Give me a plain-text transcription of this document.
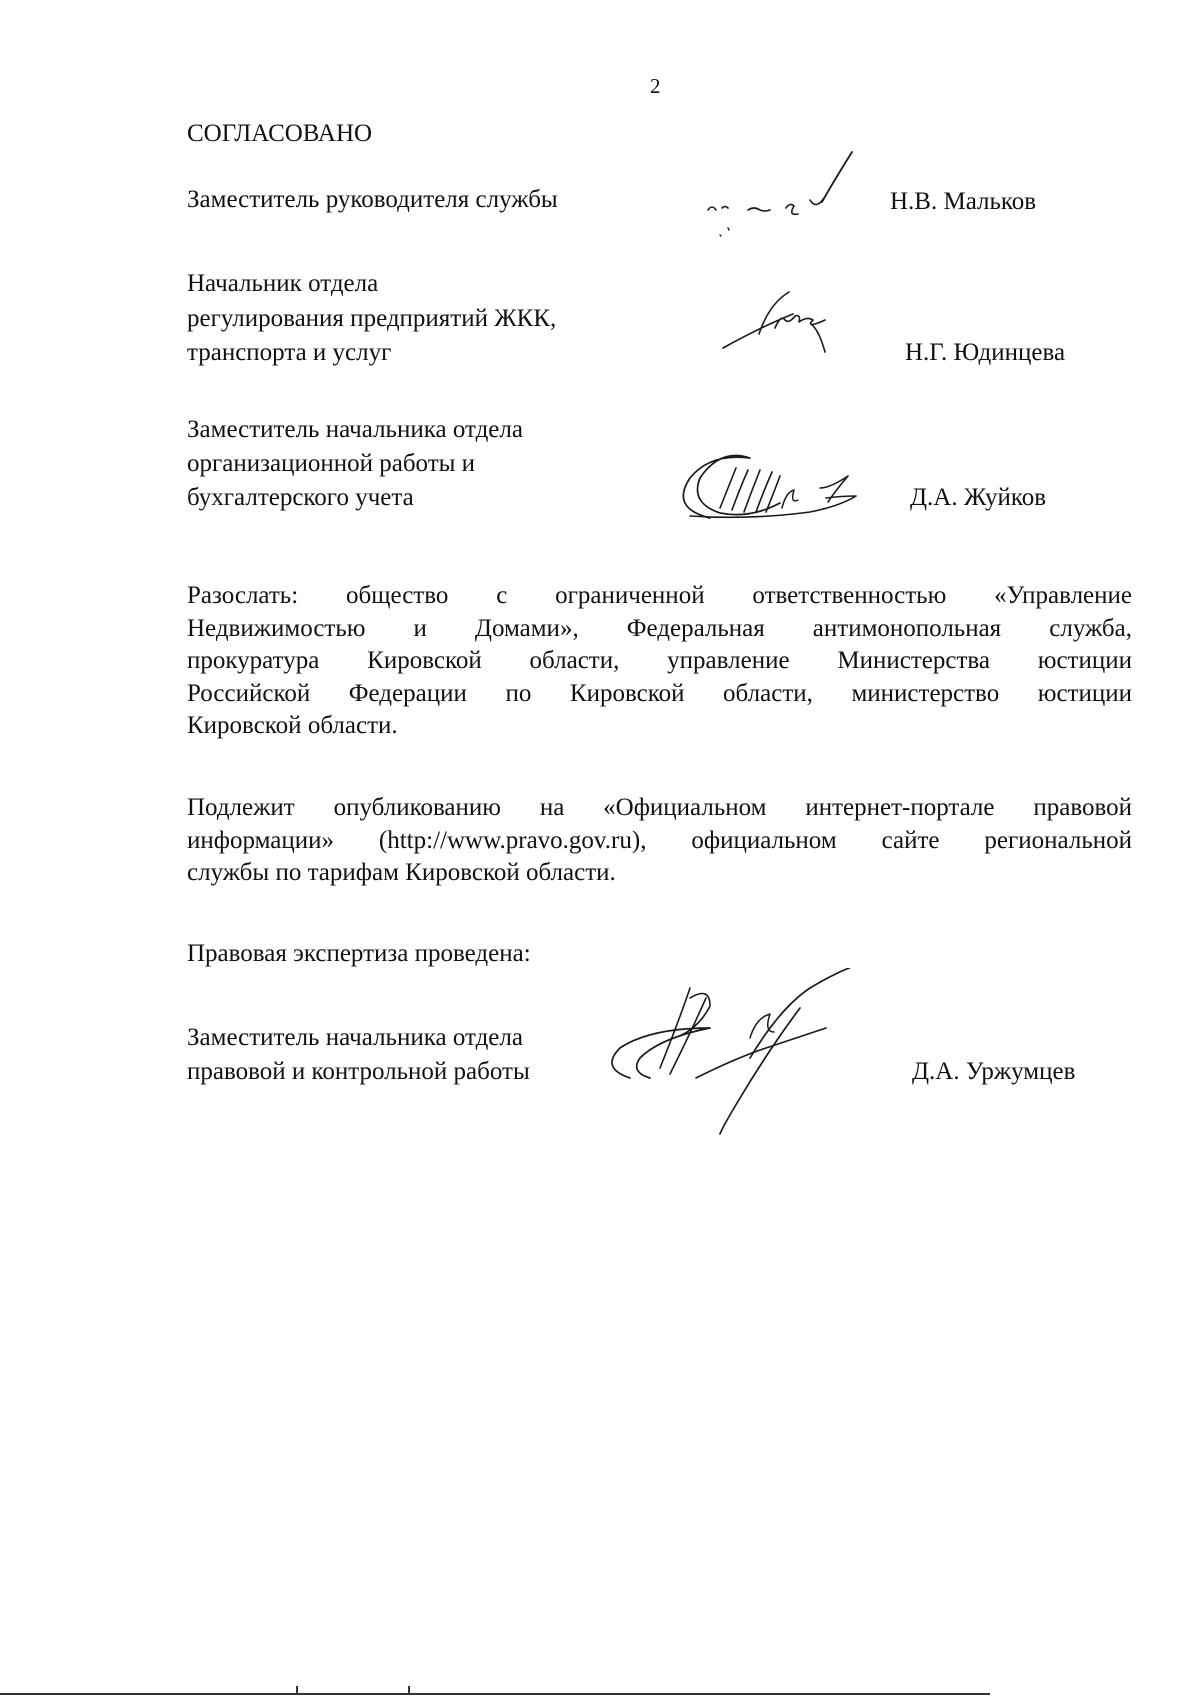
2
СОГЛАСОВАНО
Заместитель руководителя службы	Н.В. Мальков
Начальник отдела
регулирования предприятий ЖКК,
транспорта и услуг	Н.Г. Юдинцева
Заместитель начальника отдела
организационной работы и
бухгалтерского учета	Д.А. Жуйков
Разослать: общество с ограниченной ответственностью «Управление
Недвижимостью и Домами», Федеральная антимонопольная служба,
прокуратура Кировской области, управление Министерства юстиции
Российской Федерации по Кировской области, министерство юстиции
Кировской области.
Подлежит опубликованию на «Официальном интернет-портале правовой
информации» (http://www.pravo.gov.ru), официальном сайте региональной
службы по тарифам Кировской области.
Правовая экспертиза проведена:
Заместитель начальника отдела
правовой и контрольной работы	Д.А. Уржумцев
